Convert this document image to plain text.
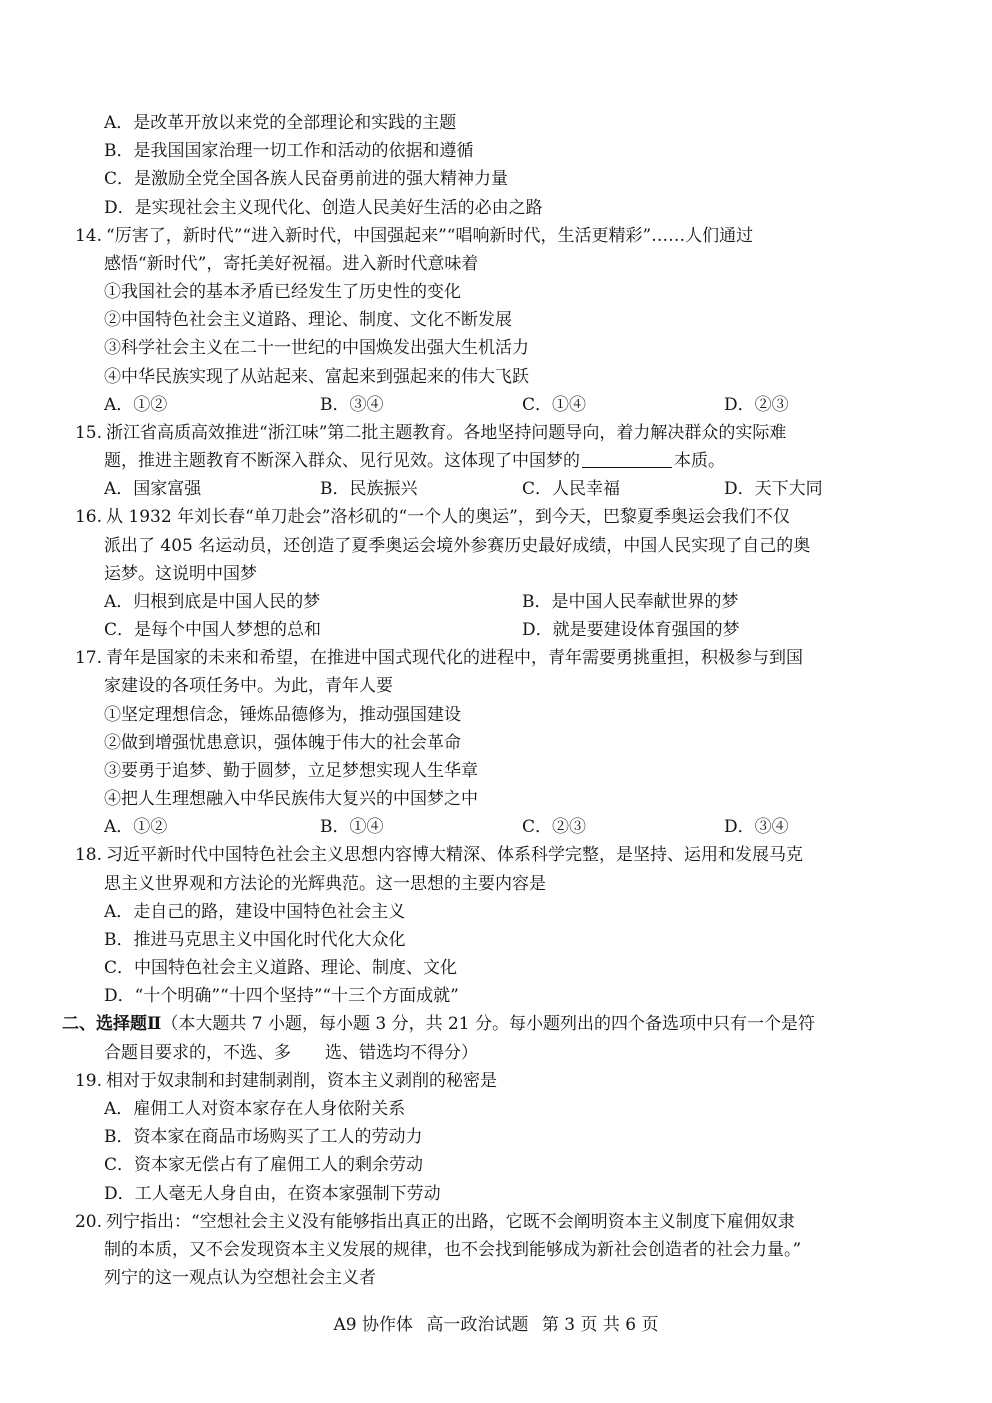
A．是改革开放以来党的全部理论和实践的主题
B．是我国国家治理一切工作和活动的依据和遵循
C．是激励全党全国各族人民奋勇前进的强大精神力量
D．是实现社会主义现代化、创造人民美好生活的必由之路
14. “厉害了，新时代”“进入新时代，中国强起来”“唱响新时代，生活更精彩”……人们通过
感悟“新时代”，寄托美好祝福。进入新时代意味着
①我国社会的基本矛盾已经发生了历史性的变化
②中国特色社会主义道路、理论、制度、文化不断发展
③科学社会主义在二十一世纪的中国焕发出强大生机活力
④中华民族实现了从站起来、富起来到强起来的伟大飞跃
A．①②	B．③④	C．①④	D．②③
15. 浙江省高质高效推进“浙江味”第二批主题教育。各地坚持问题导向，着力解决群众的实际难
题，推进主题教育不断深入群众、见行见效。这体现了中国梦的	本质。
A．国家富强	B．民族振兴	C．人民幸福	D．天下大同
16. 从 1932 年刘长春“单刀赴会”洛杉矶的“一个人的奥运”，到今天，巴黎夏季奥运会我们不仅
派出了 405 名运动员，还创造了夏季奥运会境外参赛历史最好成绩，中国人民实现了自己的奥
运梦。这说明中国梦
A．归根到底是中国人民的梦	B．是中国人民奉献世界的梦
C．是每个中国人梦想的总和	D．就是要建设体育强国的梦
17. 青年是国家的未来和希望，在推进中国式现代化的进程中，青年需要勇挑重担，积极参与到国
家建设的各项任务中。为此，青年人要
①坚定理想信念，锤炼品德修为，推动强国建设
②做到增强忧患意识，强体魄于伟大的社会革命
③要勇于追梦、勤于圆梦，立足梦想实现人生华章
④把人生理想融入中华民族伟大复兴的中国梦之中
A．①②	B．①④	C．②③	D．③④
18. 习近平新时代中国特色社会主义思想内容博大精深、体系科学完整，是坚持、运用和发展马克
思主义世界观和方法论的光辉典范。这一思想的主要内容是
A．走自己的路，建设中国特色社会主义
B．推进马克思主义中国化时代化大众化
C．中国特色社会主义道路、理论、制度、文化
D．“十个明确”“十四个坚持”“十三个方面成就”
二、选择题Ⅱ（本大题共 7 小题，每小题 3 分，共 21 分。每小题列出的四个备选项中只有一个是符
合题目要求的，不选、多　　选、错选均不得分）
19. 相对于奴隶制和封建制剥削，资本主义剥削的秘密是
A．雇佣工人对资本家存在人身依附关系
B．资本家在商品市场购买了工人的劳动力
C．资本家无偿占有了雇佣工人的剩余劳动
D．工人毫无人身自由，在资本家强制下劳动
20. 列宁指出：“空想社会主义没有能够指出真正的出路，它既不会阐明资本主义制度下雇佣奴隶
制的本质，又不会发现资本主义发展的规律，也不会找到能够成为新社会创造者的社会力量。”
列宁的这一观点认为空想社会主义者
A9 协作体 高一政治试题 第 3 页 共 6 页
